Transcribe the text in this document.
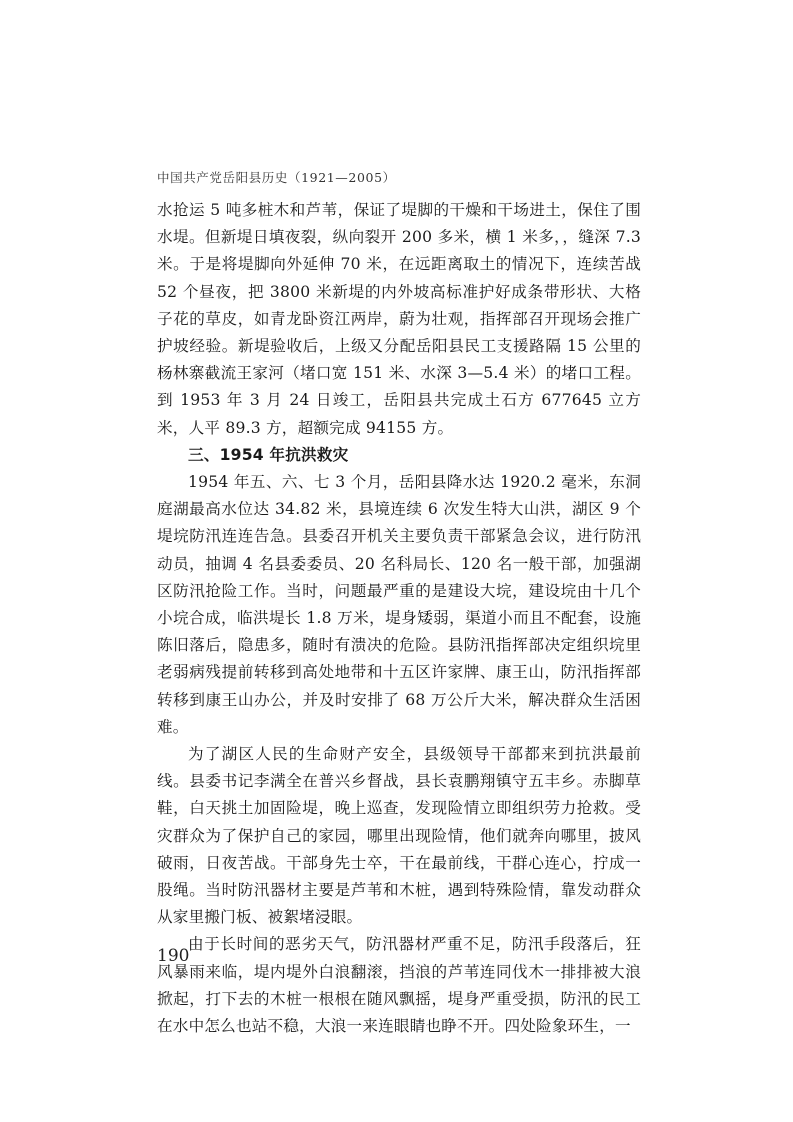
中国共产党岳阳县历史（1921—2005）

水抢运 5 吨多桩木和芦苇，保证了堤脚的干燥和干场进土，保住了围水堤。但新堤日填夜裂，纵向裂开 200 多米，横 1 米多，，缝深 7.3 米。于是将堤脚向外延伸 70 米，在远距离取土的情况下，连续苦战 52 个昼夜，把 3800 米新堤的内外坡高标准护好成条带形状、大格子花的草皮，如青龙卧资江两岸，蔚为壮观，指挥部召开现场会推广护坡经验。新堤验收后，上级又分配岳阳县民工支援路隔 15 公里的杨林寨截流王家河（堵口宽 151 米、水深 3—5.4 米）的堵口工程。到 1953 年 3 月 24 日竣工，岳阳县共完成土石方 677645 立方米，人平 89.3 方，超额完成 94155 方。

三、1954 年抗洪救灾

1954 年五、六、七 3 个月，岳阳县降水达 1920.2 毫米，东洞庭湖最高水位达 34.82 米，县境连续 6 次发生特大山洪，湖区 9 个堤垸防汛连连告急。县委召开机关主要负责干部紧急会议，进行防汛动员，抽调 4 名县委委员、20 名科局长、120 名一般干部，加强湖区防汛抢险工作。当时，问题最严重的是建设大垸，建设垸由十几个小垸合成，临洪堤长 1.8 万米，堤身矮弱，渠道小而且不配套，设施陈旧落后，隐患多，随时有溃决的危险。县防汛指挥部决定组织垸里老弱病残提前转移到高处地带和十五区许家牌、康王山，防汛指挥部转移到康王山办公，并及时安排了 68 万公斤大米，解决群众生活困难。

为了湖区人民的生命财产安全，县级领导干部都来到抗洪最前线。县委书记李满全在普兴乡督战，县长袁鹏翔镇守五丰乡。赤脚草鞋，白天挑土加固险堤，晚上巡查，发现险情立即组织劳力抢救。受灾群众为了保护自己的家园，哪里出现险情，他们就奔向哪里，披风破雨，日夜苦战。干部身先士卒，干在最前线，干群心连心，拧成一股绳。当时防汛器材主要是芦苇和木桩，遇到特殊险情，靠发动群众从家里搬门板、被絮堵浸眼。

由于长时间的恶劣天气，防汛器材严重不足，防汛手段落后，狂风暴雨来临，堤内堤外白浪翻滚，挡浪的芦苇连同伐木一排排被大浪掀起，打下去的木桩一根根在随风飘摇，堤身严重受损，防汛的民工在水中怎么也站不稳，大浪一来连眼睛也睁不开。四处险象环生，一

190
